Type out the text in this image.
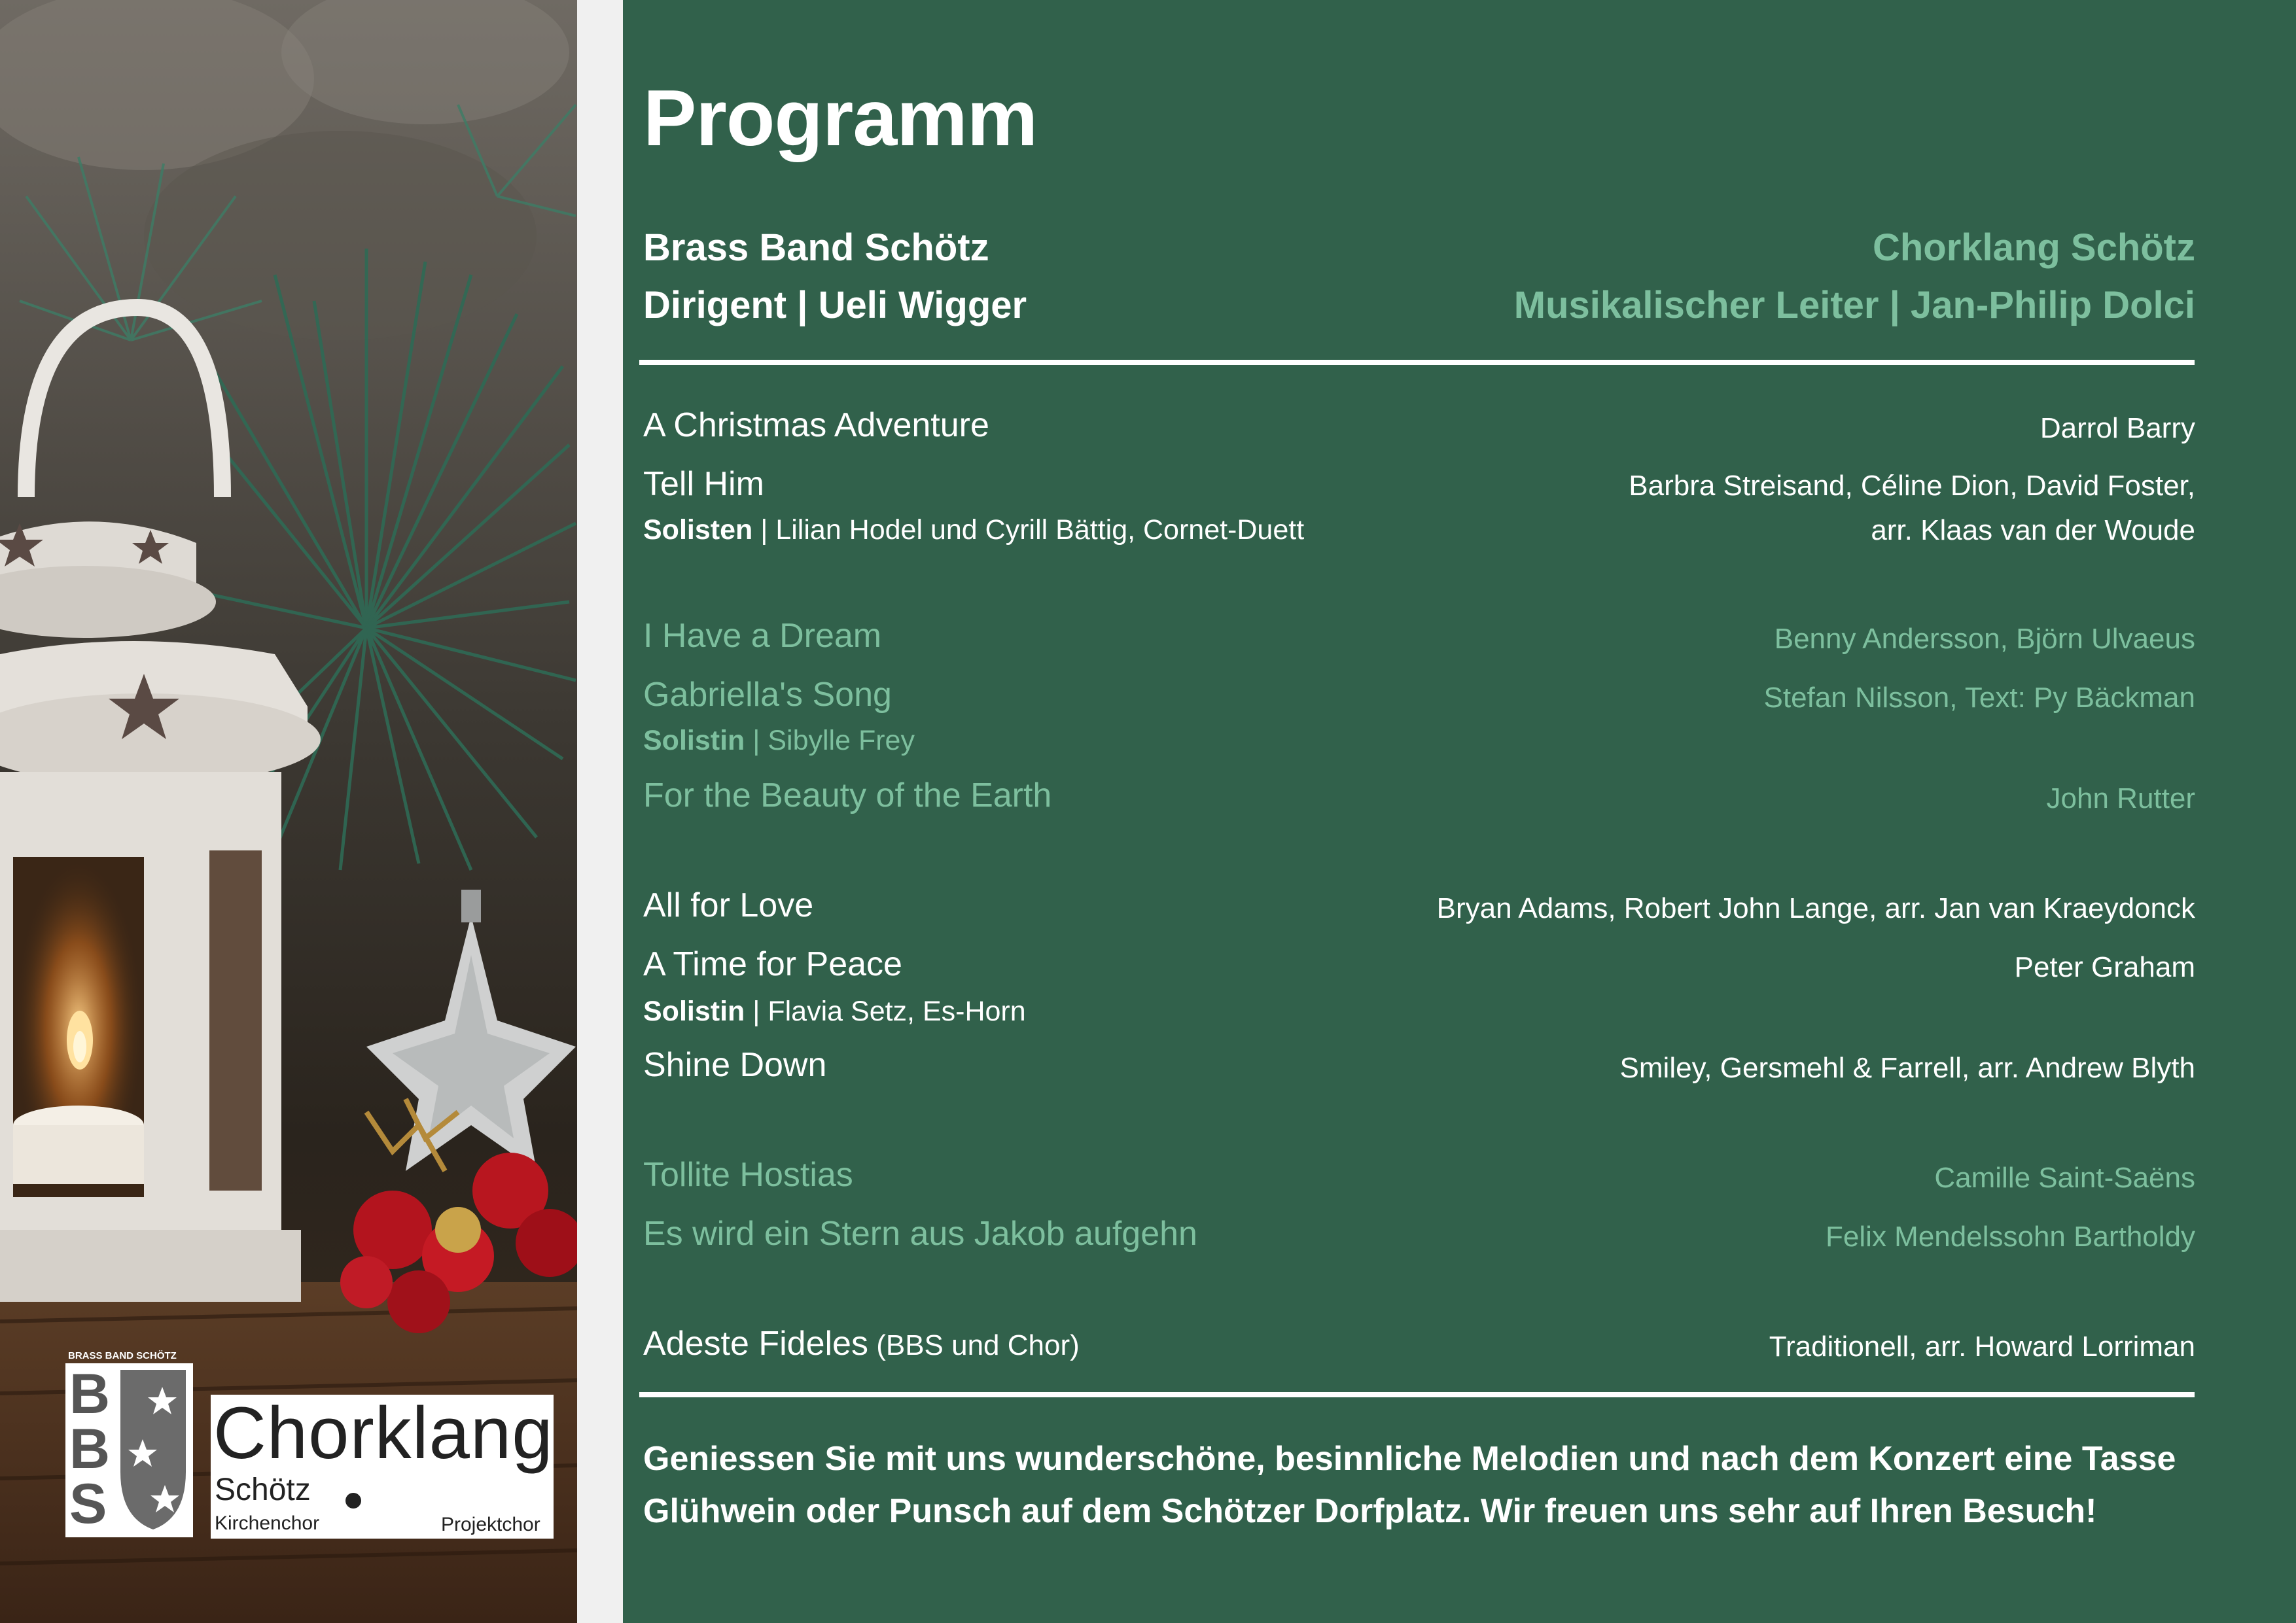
BRASS BAND SCHÖTZ
B
B
S
Chorklang
Schötz
Kirchenchor	Projektchor
Programm
Brass Band Schötz
Dirigent | Ueli Wigger
Chorklang Schötz
Musikalischer Leiter | Jan-Philip Dolci
A Christmas Adventure	Darrol Barry
Tell Him	Barbra Streisand, Céline Dion, David Foster,
arr. Klaas van der Woude
Solisten | Lilian Hodel und Cyrill Bättig, Cornet-Duett
I Have a Dream	Benny Andersson, Björn Ulvaeus
Gabriella's Song	Stefan Nilsson, Text: Py Bäckman
Solistin | Sibylle Frey
For the Beauty of the Earth	John Rutter
All for Love	Bryan Adams, Robert John Lange, arr. Jan van Kraeydonck
A Time for Peace	Peter Graham
Solistin | Flavia Setz, Es-Horn
Shine Down	Smiley, Gersmehl & Farrell, arr. Andrew Blyth
Tollite Hostias	Camille Saint-Saëns
Es wird ein Stern aus Jakob aufgehn	Felix Mendelssohn Bartholdy
Adeste Fideles (BBS und Chor)	Traditionell, arr. Howard Lorriman
Geniessen Sie mit uns wunderschöne, besinnliche Melodien und nach dem Konzert eine Tasse
Glühwein oder Punsch auf dem Schötzer Dorfplatz. Wir freuen uns sehr auf Ihren Besuch!
